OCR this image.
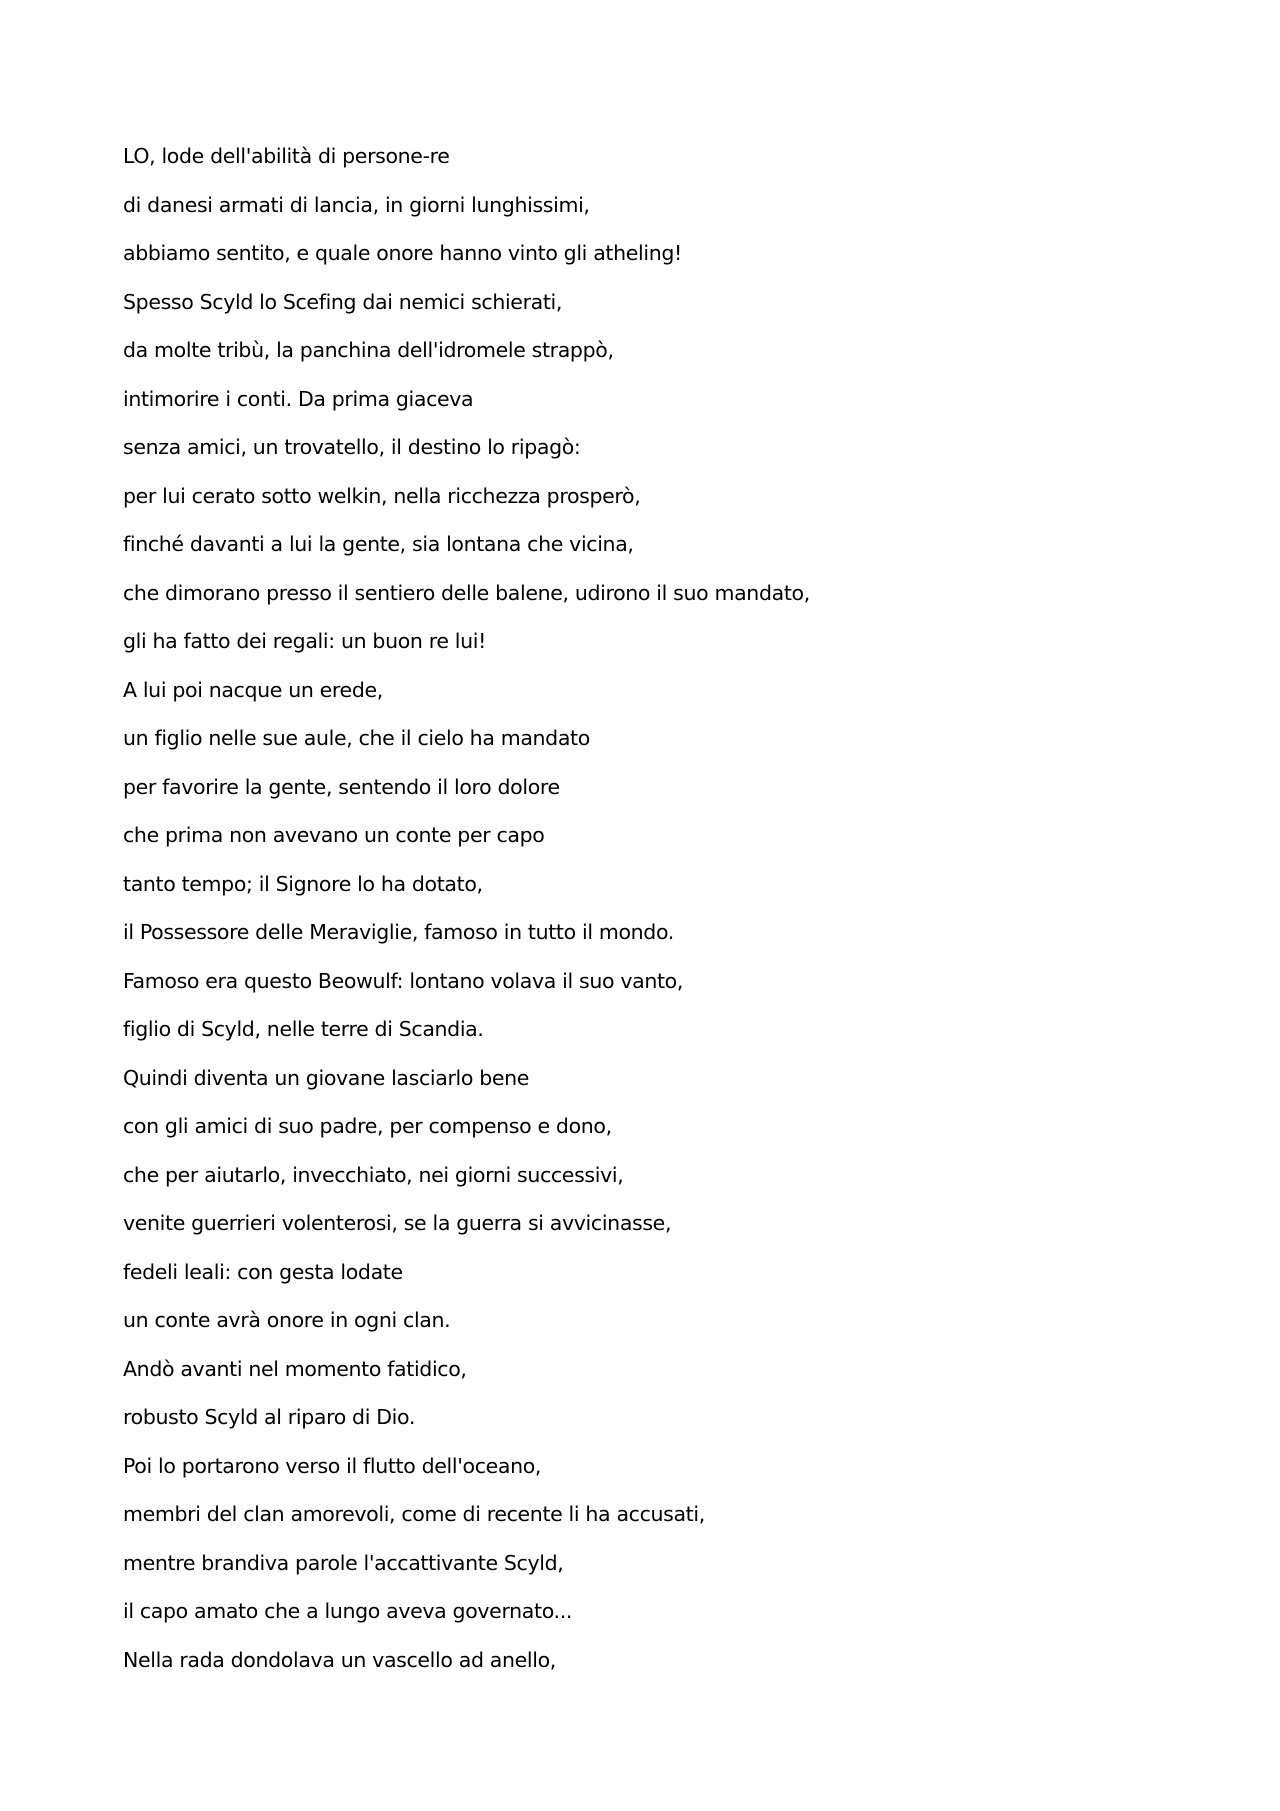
LO, lode dell'abilità di persone-re
di danesi armati di lancia, in giorni lunghissimi,
abbiamo sentito, e quale onore hanno vinto gli atheling!
Spesso Scyld lo Scefing dai nemici schierati,
da molte tribù, la panchina dell'idromele strappò,
intimorire i conti. Da prima giaceva
senza amici, un trovatello, il destino lo ripagò:
per lui cerato sotto welkin, nella ricchezza prosperò,
finché davanti a lui la gente, sia lontana che vicina,
che dimorano presso il sentiero delle balene, udirono il suo mandato,
gli ha fatto dei regali: un buon re lui!
A lui poi nacque un erede,
un figlio nelle sue aule, che il cielo ha mandato
per favorire la gente, sentendo il loro dolore
che prima non avevano un conte per capo
tanto tempo; il Signore lo ha dotato,
il Possessore delle Meraviglie, famoso in tutto il mondo.
Famoso era questo Beowulf: lontano volava il suo vanto,
figlio di Scyld, nelle terre di Scandia.
Quindi diventa un giovane lasciarlo bene
con gli amici di suo padre, per compenso e dono,
che per aiutarlo, invecchiato, nei giorni successivi,
venite guerrieri volenterosi, se la guerra si avvicinasse,
fedeli leali: con gesta lodate
un conte avrà onore in ogni clan.
Andò avanti nel momento fatidico,
robusto Scyld al riparo di Dio.
Poi lo portarono verso il flutto dell'oceano,
membri del clan amorevoli, come di recente li ha accusati,
mentre brandiva parole l'accattivante Scyld,
il capo amato che a lungo aveva governato...
Nella rada dondolava un vascello ad anello,
